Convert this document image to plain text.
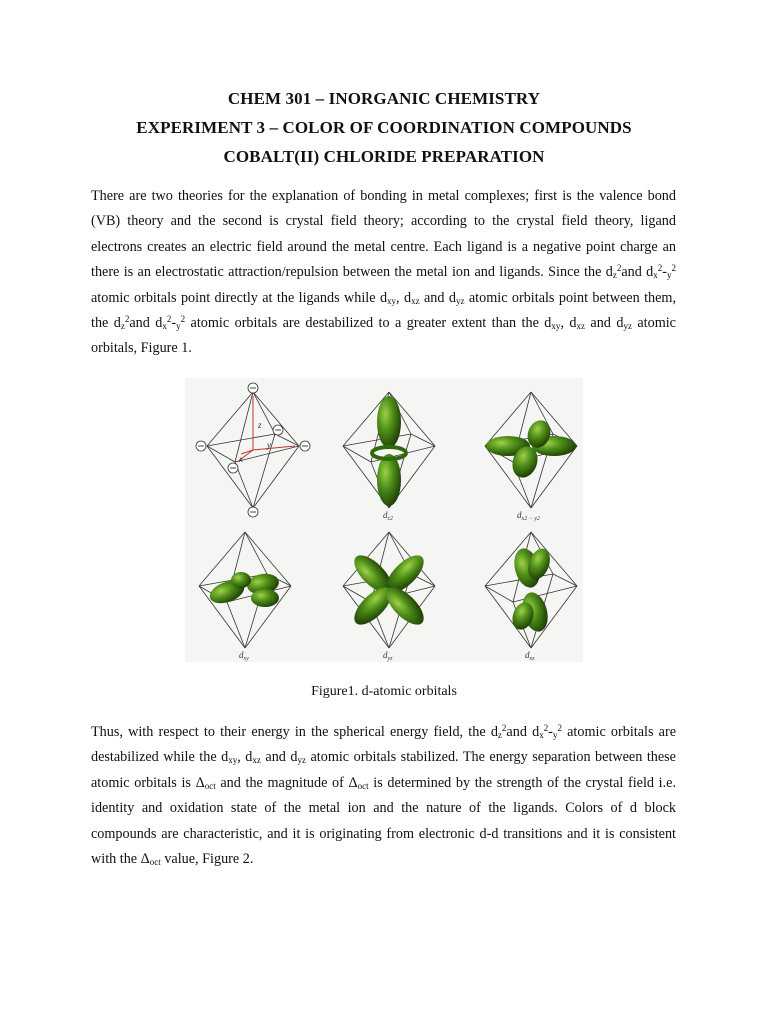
CHEM 301 – INORGANIC CHEMISTRY
EXPERIMENT 3 – COLOR OF COORDINATION COMPOUNDS
COBALT(II) CHLORIDE PREPARATION
There are two theories for the explanation of bonding in metal complexes; first is the valence bond (VB) theory and the second is crystal field theory; according to the crystal field theory, ligand electrons creates an electric field around the metal centre. Each ligand is a negative point charge an there is an electrostatic attraction/repulsion between the metal ion and ligands. Since the $d_z^2and$ $d_x^2-_y^2$ atomic orbitals point directly at the ligands while $d_{xy}$, $d_{xz}$ and $d_{yz}$ atomic orbitals point between them, the $d_z^2and$ $d_x^2-_y^2$ atomic orbitals are destabilized to a greater extent than the $d_{xy}$, $d_{xz}$ and $d_{yz}$ atomic orbitals, Figure 1.
z
y
x
$d_{z2}$	$d_{x2 - y2}$
$d_{xy}$	$d_{yz}$	$d_{xz}$
Figure1. d-atomic orbitals
Thus, with respect to their energy in the spherical energy field, the $d_z^2and$ $d_x^2-_y^2$ atomic orbitals are destabilized while the $d_{xy}$, $d_{xz}$ and $d_{yz}$ atomic orbitals stabilized. The energy separation between these atomic orbitals is $\Delta_{oct}$ and the magnitude of $\Delta_{oct}$ is determined by the strength of the crystal field i.e. identity and oxidation state of the metal ion and the nature of the ligands. Colors of d block compounds are characteristic, and it is originating from electronic d-d transitions and it is consistent with the $\Delta_{oct}$ value, Figure 2.
